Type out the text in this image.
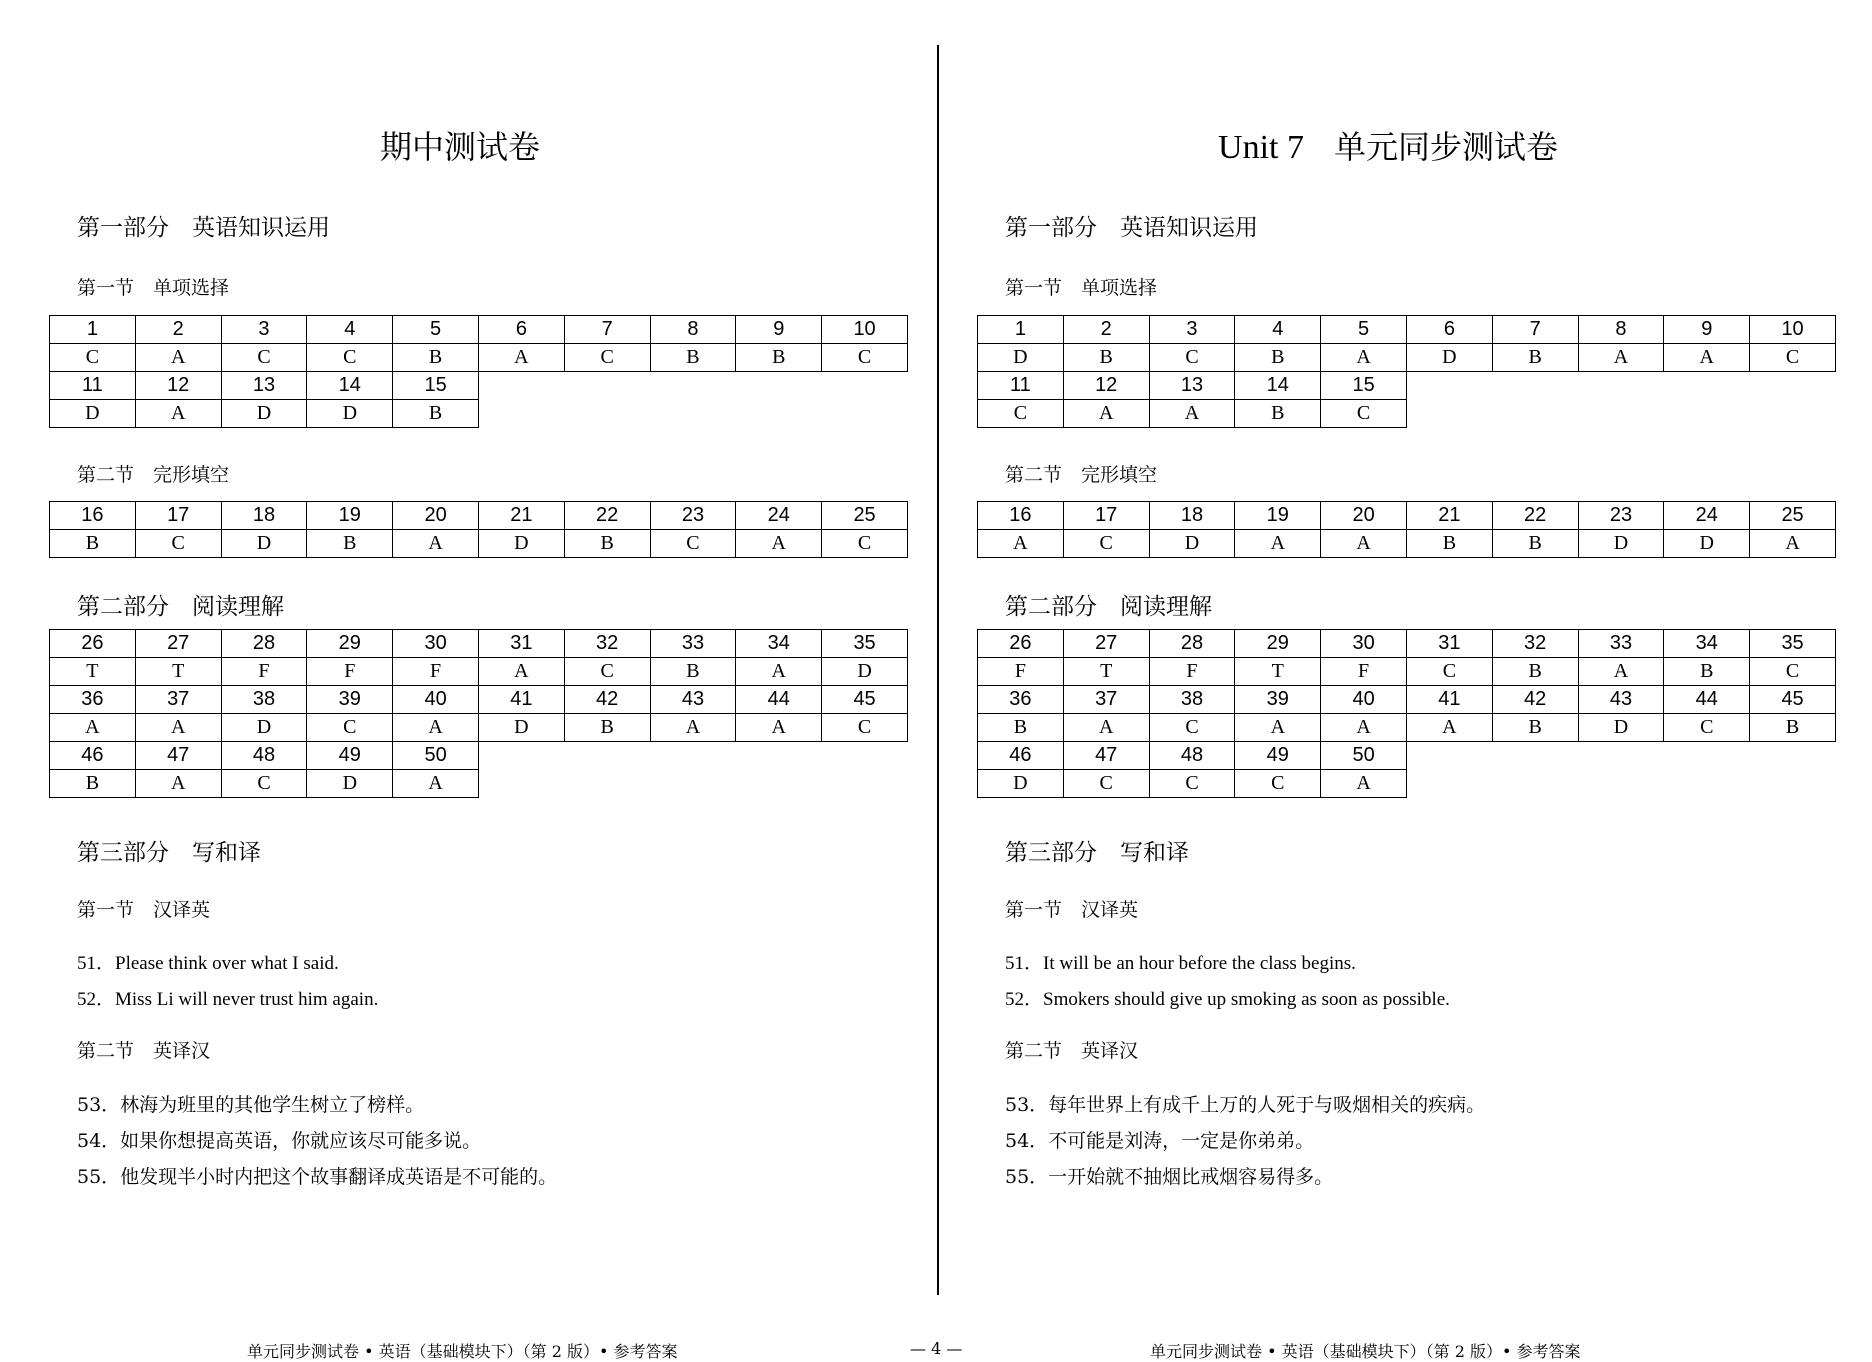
期中测试卷
第一部分　英语知识运用
第一节　单项选择
1	2	3	4	5	6	7	8	9	10
C	A	C	C	B	A	C	B	B	C
11	12	13	14	15					
D	A	D	D	B					
第二节　完形填空
16	17	18	19	20	21	22	23	24	25
B	C	D	B	A	D	B	C	A	C
第二部分　阅读理解
26	27	28	29	30	31	32	33	34	35
T	T	F	F	F	A	C	B	A	D
36	37	38	39	40	41	42	43	44	45
A	A	D	C	A	D	B	A	A	C
46	47	48	49	50					
B	A	C	D	A					
第三部分　写和译
第一节　汉译英
51．Please think over what I said.
52．Miss Li will never trust him again.
第二节　英译汉
53．林海为班里的其他学生树立了榜样。
54．如果你想提高英语，你就应该尽可能多说。
55．他发现半小时内把这个故事翻译成英语是不可能的。
Unit 7 单元同步测试卷
第一部分　英语知识运用
第一节　单项选择
1	2	3	4	5	6	7	8	9	10
D	B	C	B	A	D	B	A	A	C
11	12	13	14	15					
C	A	A	B	C					
第二节　完形填空
16	17	18	19	20	21	22	23	24	25
A	C	D	A	A	B	B	D	D	A
第二部分　阅读理解
26	27	28	29	30	31	32	33	34	35
F	T	F	T	F	C	B	A	B	C
36	37	38	39	40	41	42	43	44	45
B	A	C	A	A	A	B	D	C	B
46	47	48	49	50					
D	C	C	C	A					
第三部分　写和译
第一节　汉译英
51．It will be an hour before the class begins.
52．Smokers should give up smoking as soon as possible.
第二节　英译汉
53．每年世界上有成千上万的人死于与吸烟相关的疾病。
54．不可能是刘涛，一定是你弟弟。
55．一开始就不抽烟比戒烟容易得多。
单元同步测试卷 • 英语（基础模块下）（第 2 版）• 参考答案	— 4 —	单元同步测试卷 • 英语（基础模块下）（第 2 版）• 参考答案
